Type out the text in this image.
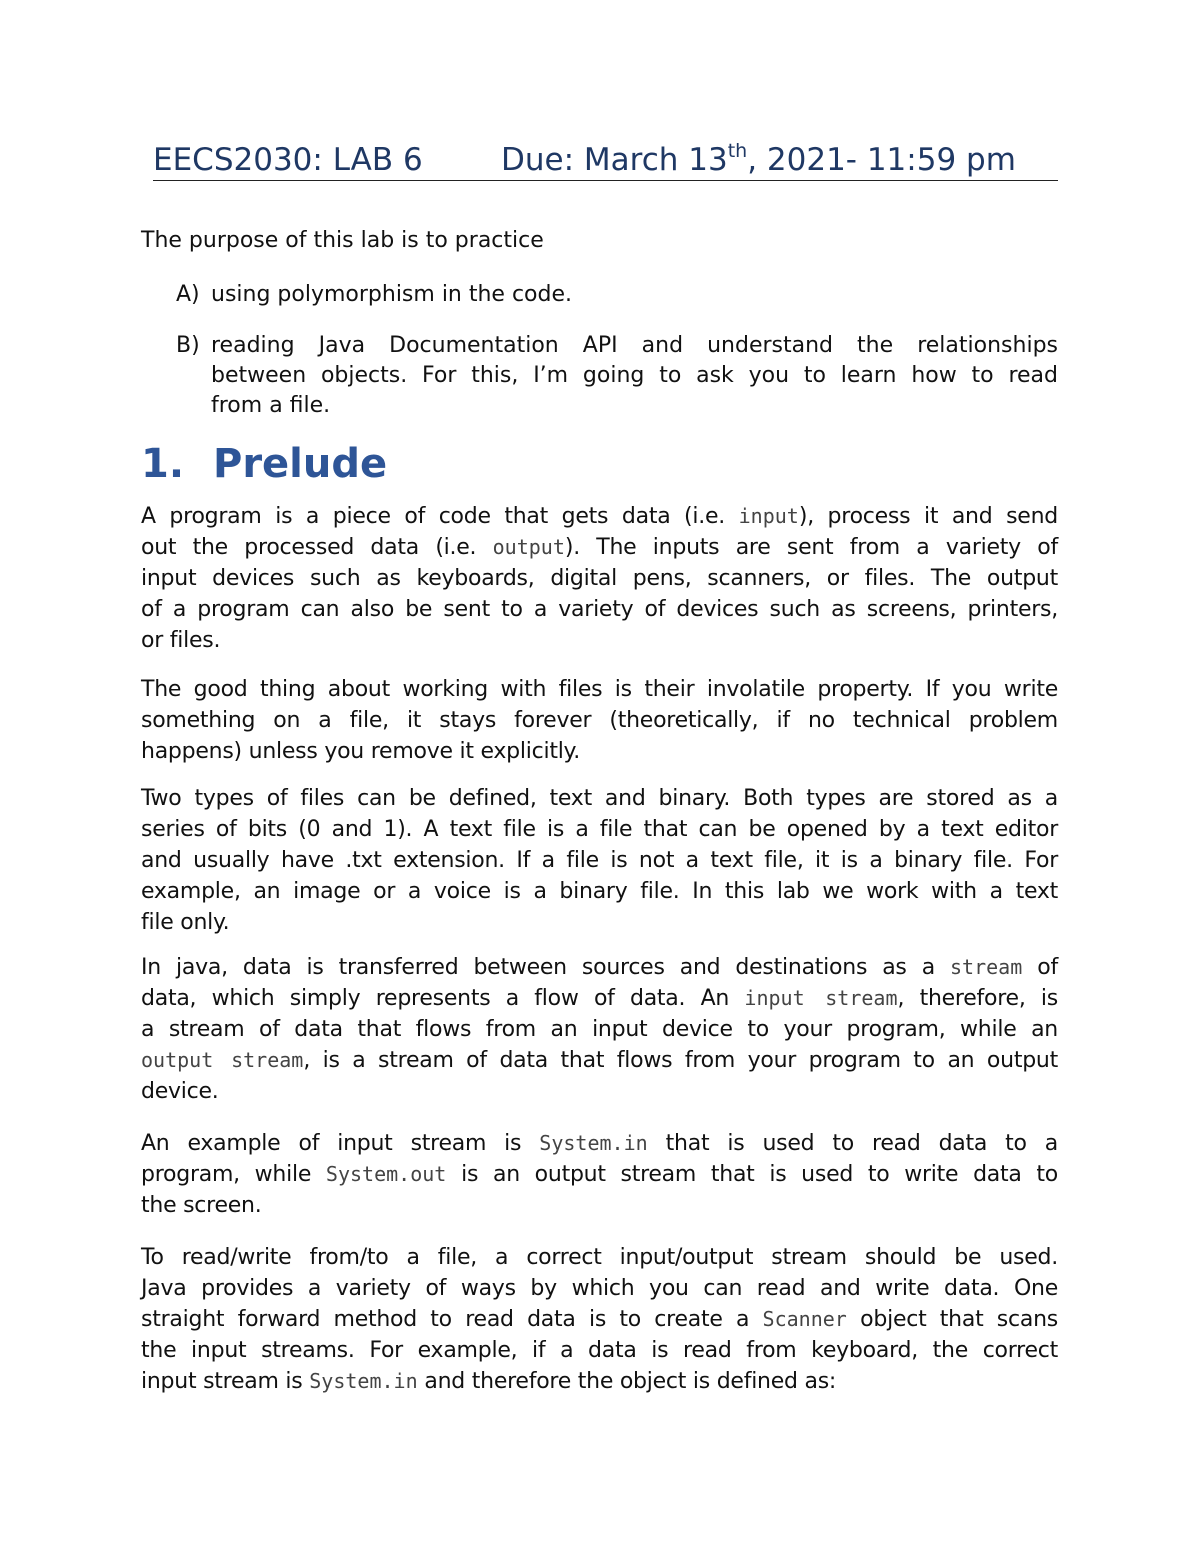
EECS2030: LAB 6	Due: March 13th, 2021- 11:59 pm
The purpose of this lab is to practice
A) using polymorphism in the code.
B) reading Java Documentation API and understand the relationships
between objects. For this, I’m going to ask you to learn how to read
from a file.
1. Prelude
A program is a piece of code that gets data (i.e. input), process it and send
out the processed data (i.e. output). The inputs are sent from a variety of
input devices such as keyboards, digital pens, scanners, or files. The output
of a program can also be sent to a variety of devices such as screens, printers,
or files.
The good thing about working with files is their involatile property. If you write
something on a file, it stays forever (theoretically, if no technical problem
happens) unless you remove it explicitly.
Two types of files can be defined, text and binary. Both types are stored as a
series of bits (0 and 1). A text file is a file that can be opened by a text editor
and usually have .txt extension. If a file is not a text file, it is a binary file. For
example, an image or a voice is a binary file. In this lab we work with a text
file only.
In java, data is transferred between sources and destinations as a stream of
data, which simply represents a flow of data. An input stream, therefore, is
a stream of data that flows from an input device to your program, while an
output stream, is a stream of data that flows from your program to an output
device.
An example of input stream is System.in that is used to read data to a
program, while System.out is an output stream that is used to write data to
the screen.
To read/write from/to a file, a correct input/output stream should be used.
Java provides a variety of ways by which you can read and write data. One
straight forward method to read data is to create a Scanner object that scans
the input streams. For example, if a data is read from keyboard, the correct
input stream is System.in and therefore the object is defined as:
